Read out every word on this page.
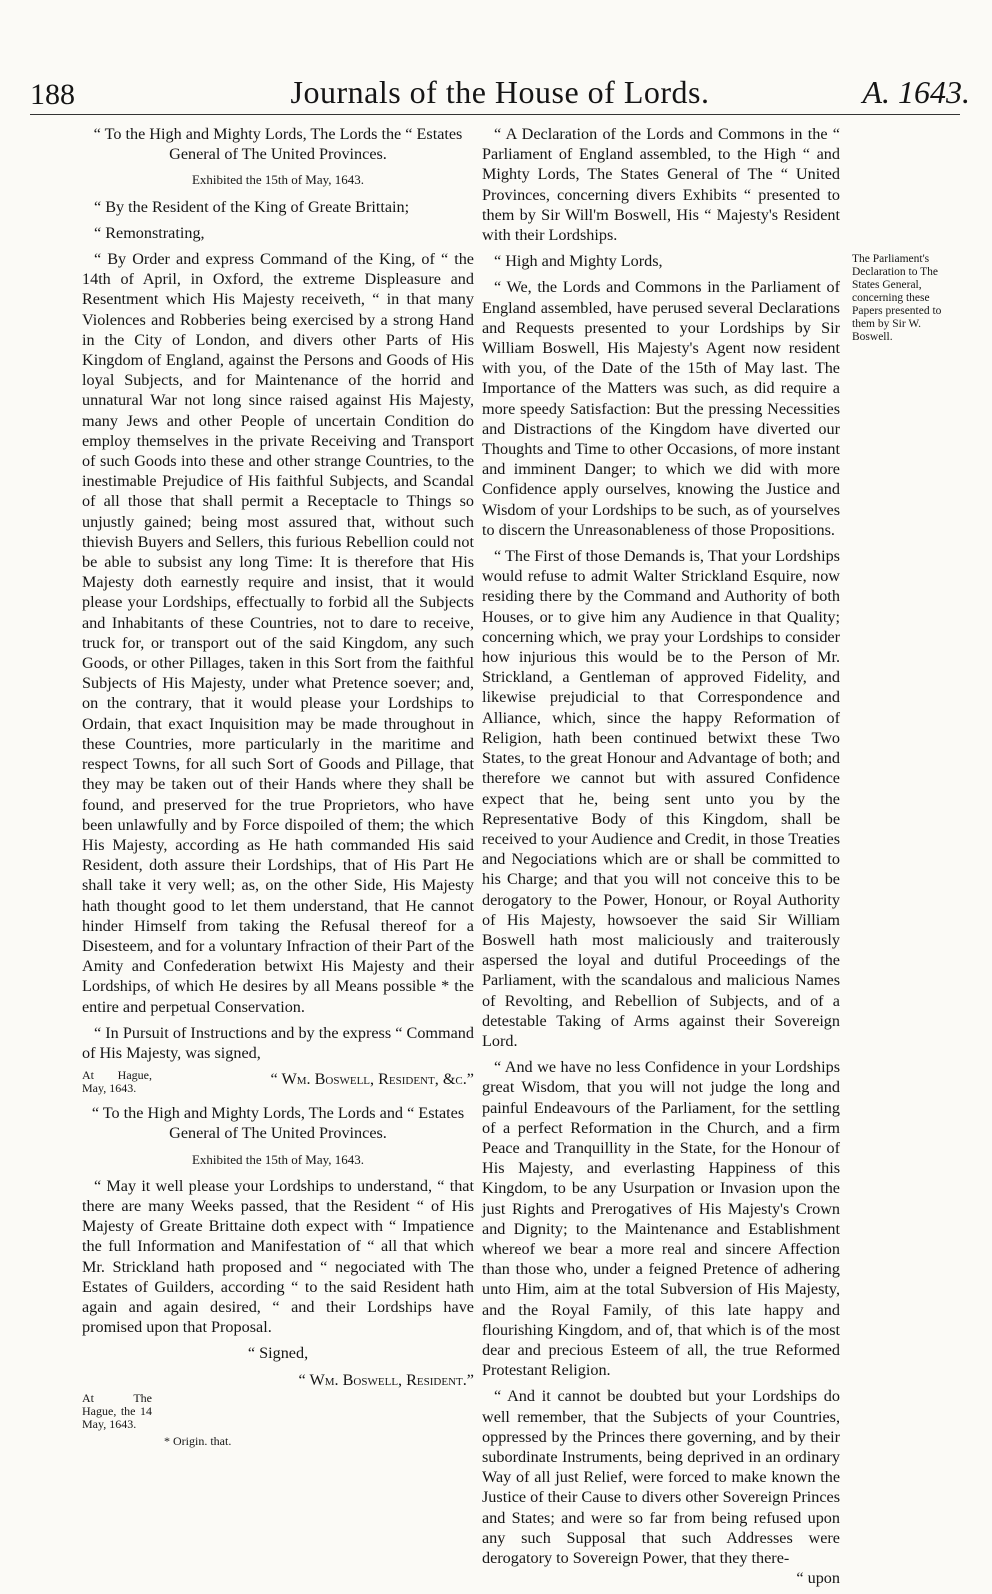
188	Journals of the House of Lords.	A. 1643.

“ To the High and Mighty Lords, The Lords the “ Estates General of The United Provinces.

Exhibited the 15th of May, 1643.

“ By the Resident of the King of Greate Brittain;

“ Remonstrating,

“ By Order and express Command of the King, of “ the 14th of April, in Oxford, the extreme Displeasure and Resentment which His Majesty receiveth, “ in that many Violences and Robberies being exercised by a strong Hand in the City of London, and divers other Parts of His Kingdom of England, against the Persons and Goods of His loyal Subjects, and for Maintenance of the horrid and unnatural War not long since raised against His Majesty, many Jews and other People of uncertain Condition do employ themselves in the private Receiving and Transport of such Goods into these and other strange Countries, to the inestimable Prejudice of His faithful Subjects, and Scandal of all those that shall permit a Receptacle to Things so unjustly gained; being most assured that, without such thievish Buyers and Sellers, this furious Rebellion could not be able to subsist any long Time: It is therefore that His Majesty doth earnestly require and insist, that it would please your Lordships, effectually to forbid all the Subjects and Inhabitants of these Countries, not to dare to receive, truck for, or transport out of the said Kingdom, any such Goods, or other Pillages, taken in this Sort from the faithful Subjects of His Majesty, under what Pretence soever; and, on the contrary, that it would please your Lordships to Ordain, that exact Inquisition may be made throughout in these Countries, more particularly in the maritime and respect Towns, for all such Sort of Goods and Pillage, that they may be taken out of their Hands where they shall be found, and preserved for the true Proprietors, who have been unlawfully and by Force dispoiled of them; the which His Majesty, according as He hath commanded His said Resident, doth assure their Lordships, that of His Part He shall take it very well; as, on the other Side, His Majesty hath thought good to let them understand, that He cannot hinder Himself from taking the Refusal thereof for a Disesteem, and for a voluntary Infraction of their Part of the Amity and Confederation betwixt His Majesty and their Lordships, of which He desires by all Means possible * the entire and perpetual Conservation.

“ In Pursuit of Instructions and by the express “ Command of His Majesty, was signed,

At Hague, May, 1643.	“ Wm. Boswell, Resident, &c.”

“ To the High and Mighty Lords, The Lords and “ Estates General of The United Provinces.

Exhibited the 15th of May, 1643.

“ May it well please your Lordships to understand, “ that there are many Weeks passed, that the Resident “ of His Majesty of Greate Brittaine doth expect with “ Impatience the full Information and Manifestation of “ all that which Mr. Strickland hath proposed and “ negociated with The Estates of Guilders, according “ to the said Resident hath again and again desired, “ and their Lordships have promised upon that Proposal.

“ Signed,

“ Wm. Boswell, Resident.”

At The Hague, the 14 May, 1643.

* Origin. that.

“ A Declaration of the Lords and Commons in the “ Parliament of England assembled, to the High “ and Mighty Lords, The States General of The “ United Provinces, concerning divers Exhibits “ presented to them by Sir Will'm Boswell, His “ Majesty's Resident with their Lordships.

“ High and Mighty Lords,

“ We, the Lords and Commons in the Parliament of England assembled, have perused several Declarations and Requests presented to your Lordships by Sir William Boswell, His Majesty's Agent now resident with you, of the Date of the 15th of May last. The Importance of the Matters was such, as did require a more speedy Satisfaction: But the pressing Necessities and Distractions of the Kingdom have diverted our Thoughts and Time to other Occasions, of more instant and imminent Danger; to which we did with more Confidence apply ourselves, knowing the Justice and Wisdom of your Lordships to be such, as of yourselves to discern the Unreasonableness of those Propositions.

“ The First of those Demands is, That your Lordships would refuse to admit Walter Strickland Esquire, now residing there by the Command and Authority of both Houses, or to give him any Audience in that Quality; concerning which, we pray your Lordships to consider how injurious this would be to the Person of Mr. Strickland, a Gentleman of approved Fidelity, and likewise prejudicial to that Correspondence and Alliance, which, since the happy Reformation of Religion, hath been continued betwixt these Two States, to the great Honour and Advantage of both; and therefore we cannot but with assured Confidence expect that he, being sent unto you by the Representative Body of this Kingdom, shall be received to your Audience and Credit, in those Treaties and Negociations which are or shall be committed to his Charge; and that you will not conceive this to be derogatory to the Power, Honour, or Royal Authority of His Majesty, howsoever the said Sir William Boswell hath most maliciously and traiterously aspersed the loyal and dutiful Proceedings of the Parliament, with the scandalous and malicious Names of Revolting, and Rebellion of Subjects, and of a detestable Taking of Arms against their Sovereign Lord.

“ And we have no less Confidence in your Lordships great Wisdom, that you will not judge the long and painful Endeavours of the Parliament, for the settling of a perfect Reformation in the Church, and a firm Peace and Tranquillity in the State, for the Honour of His Majesty, and everlasting Happiness of this Kingdom, to be any Usurpation or Invasion upon the just Rights and Prerogatives of His Majesty's Crown and Dignity; to the Maintenance and Establishment whereof we bear a more real and sincere Affection than those who, under a feigned Pretence of adhering unto Him, aim at the total Subversion of His Majesty, and the Royal Family, of this late happy and flourishing Kingdom, and of, that which is of the most dear and precious Esteem of all, the true Reformed Protestant Religion.

“ And it cannot be doubted but your Lordships do well remember, that the Subjects of your Countries, oppressed by the Princes there governing, and by their subordinate Instruments, being deprived in an ordinary Way of all just Relief, were forced to make known the Justice of their Cause to divers other Sovereign Princes and States; and were so far from being refused upon any such Supposal that such Addresses were derogatory to Sovereign Power, that they there-

“ upon

The Parliament's Declaration to The States General, concerning these Papers presented to them by Sir W. Boswell.
